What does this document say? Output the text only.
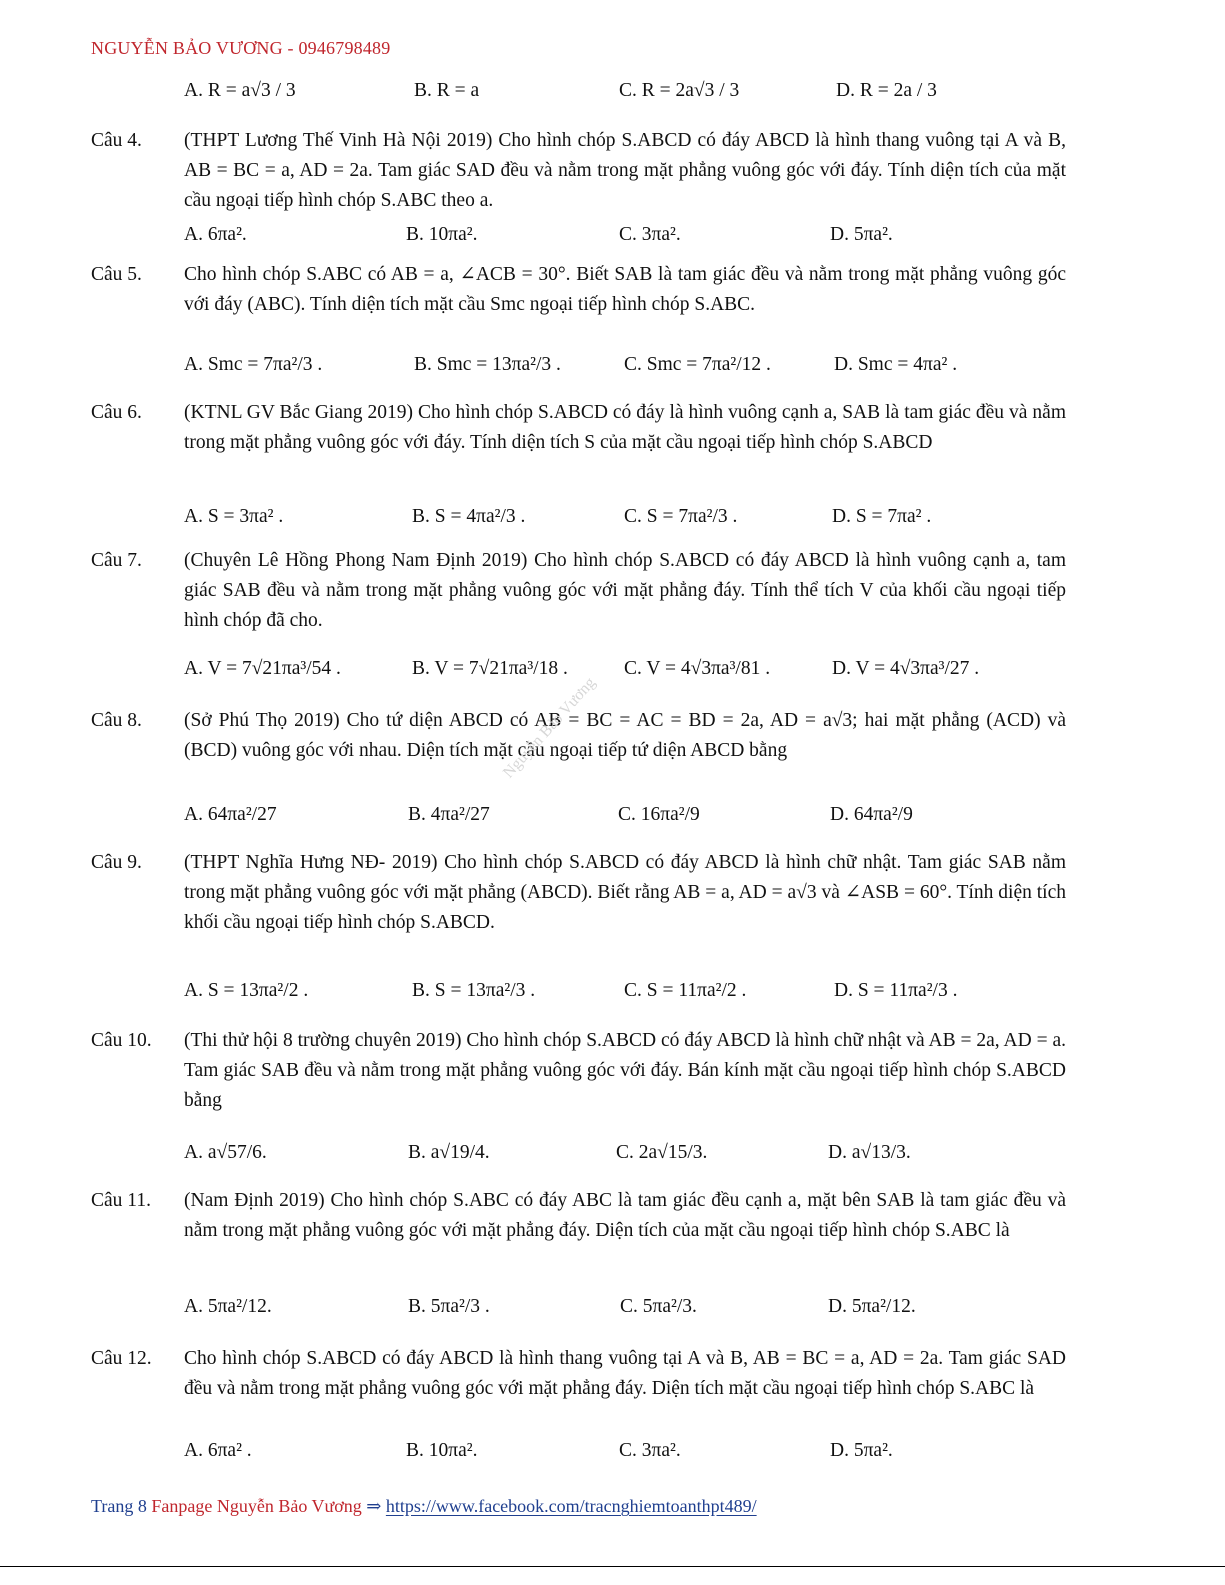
NGUYỄN BẢO VƯƠNG - 0946798489
A. R = a√3 / 3	B. R = a	C. R = 2a√3 / 3	D. R = 2a / 3
Câu 4.	(THPT Lương Thế Vinh Hà Nội 2019) Cho hình chóp S.ABCD có đáy ABCD là hình thang vuông tại A và B, AB = BC = a, AD = 2a. Tam giác SAD đều và nằm trong mặt phẳng vuông góc với đáy. Tính diện tích của mặt cầu ngoại tiếp hình chóp S.ABC theo a.
A. 6πa².	B. 10πa².	C. 3πa².	D. 5πa².
Câu 5.	Cho hình chóp S.ABC có AB = a, ∠ACB = 30°. Biết SAB là tam giác đều và nằm trong mặt phẳng vuông góc với đáy (ABC). Tính diện tích mặt cầu Smc ngoại tiếp hình chóp S.ABC.
A. Smc = 7πa²/3 .	B. Smc = 13πa²/3 .	C. Smc = 7πa²/12 .	D. Smc = 4πa² .
Câu 6.	(KTNL GV Bắc Giang 2019) Cho hình chóp S.ABCD có đáy là hình vuông cạnh a, SAB là tam giác đều và nằm trong mặt phẳng vuông góc với đáy. Tính diện tích S của mặt cầu ngoại tiếp hình chóp S.ABCD
A. S = 3πa² .	B. S = 4πa²/3 .	C. S = 7πa²/3 .	D. S = 7πa² .
Câu 7.	(Chuyên Lê Hồng Phong Nam Định 2019) Cho hình chóp S.ABCD có đáy ABCD là hình vuông cạnh a, tam giác SAB đều và nằm trong mặt phẳng vuông góc với mặt phẳng đáy. Tính thể tích V của khối cầu ngoại tiếp hình chóp đã cho.
A. V = 7√21πa³/54 .	B. V = 7√21πa³/18 .	C. V = 4√3πa³/81 .	D. V = 4√3πa³/27 .
Câu 8.	(Sở Phú Thọ 2019) Cho tứ diện ABCD có AB = BC = AC = BD = 2a, AD = a√3; hai mặt phẳng (ACD) và (BCD) vuông góc với nhau. Diện tích mặt cầu ngoại tiếp tứ diện ABCD bằng
A. 64πa²/27	B. 4πa²/27	C. 16πa²/9	D. 64πa²/9
Câu 9.	(THPT Nghĩa Hưng NĐ- 2019) Cho hình chóp S.ABCD có đáy ABCD là hình chữ nhật. Tam giác SAB nằm trong mặt phẳng vuông góc với mặt phẳng (ABCD). Biết rằng AB = a, AD = a√3 và ∠ASB = 60°. Tính diện tích khối cầu ngoại tiếp hình chóp S.ABCD.
A. S = 13πa²/2 .	B. S = 13πa²/3 .	C. S = 11πa²/2 .	D. S = 11πa²/3 .
Câu 10.	(Thi thử hội 8 trường chuyên 2019) Cho hình chóp S.ABCD có đáy ABCD là hình chữ nhật và AB = 2a, AD = a. Tam giác SAB đều và nằm trong mặt phẳng vuông góc với đáy. Bán kính mặt cầu ngoại tiếp hình chóp S.ABCD bằng
A. a√57/6.	B. a√19/4.	C. 2a√15/3.	D. a√13/3.
Câu 11.	(Nam Định 2019) Cho hình chóp S.ABC có đáy ABC là tam giác đều cạnh a, mặt bên SAB là tam giác đều và nằm trong mặt phẳng vuông góc với mặt phẳng đáy. Diện tích của mặt cầu ngoại tiếp hình chóp S.ABC là
A. 5πa²/12.	B. 5πa²/3 .	C. 5πa²/3.	D. 5πa²/12.
Câu 12.	Cho hình chóp S.ABCD có đáy ABCD là hình thang vuông tại A và B, AB = BC = a, AD = 2a. Tam giác SAD đều và nằm trong mặt phẳng vuông góc với mặt phẳng đáy. Diện tích mặt cầu ngoại tiếp hình chóp S.ABC là
A. 6πa² .	B. 10πa².	C. 3πa².	D. 5πa².
Nguyễn Bảo Vương
Trang 8 Fanpage Nguyễn Bảo Vương ⇒ https://www.facebook.com/tracnghiemtoanthpt489/
